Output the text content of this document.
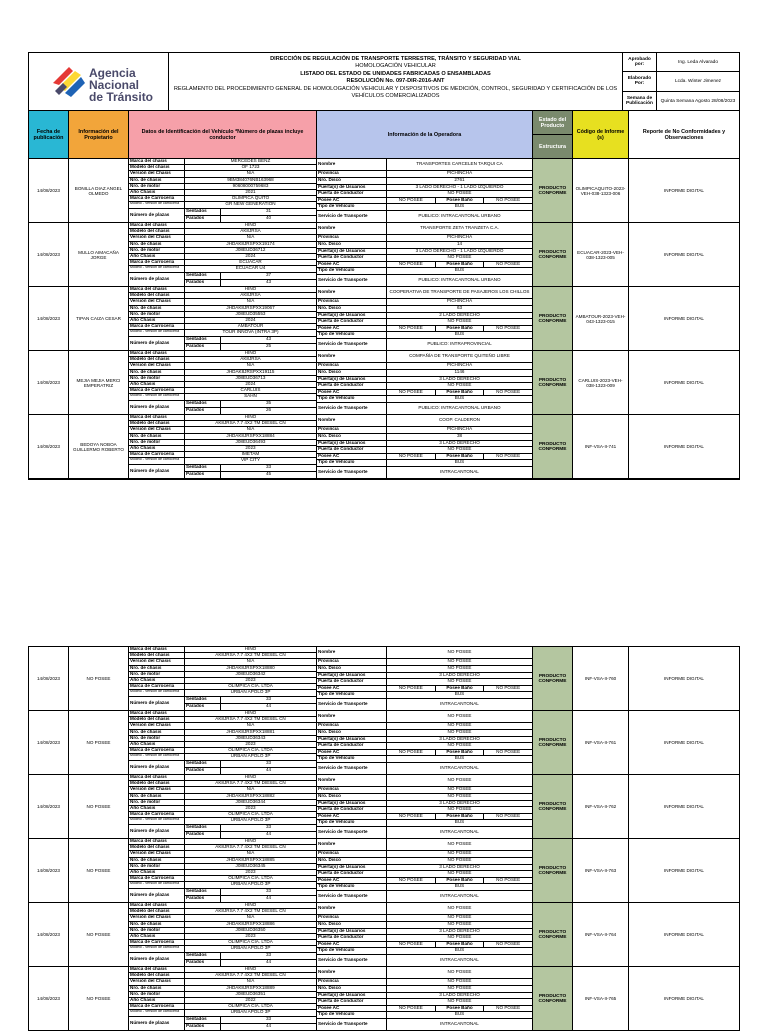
Agencia
Nacional
de Tránsito
DIRECCIÓN DE REGULACIÓN DE TRANSPORTE TERRESTRE, TRÁNSITO Y SEGURIDAD VIAL
HOMOLOGACIÓN VEHICULAR
LISTADO DEL ESTADO DE UNIDADES FABRICADAS O ENSAMBLADAS
RESOLUCIÓN No. 097-DIR-2016-ANT
REGLAMENTO DEL PROCEDIMIENTO GENERAL DE HOMOLOGACIÓN VEHICULAR Y DISPOSITIVOS DE MEDICIÓN, CONTROL, SEGURIDAD Y CERTIFICACIÓN DE LOS VEHÍCULOS COMERCIALIZADOS
Aprobado por:	Ing. Leda Alvarado
Elaborado Por:	Lcda. Winter Jimenez
Semana de Publicación	Quinta Semana Agosto 28/08/2023
Fecha de publicación
Información del Propietario
Datos de Identificación del Vehículo *Número de plazas incluye conductor	Información de la Operadora
Estado del Producto
Estructura
Código de Informe (s)
Reporte de No Conformidades y Observaciones
14/08/2023	BONILLA DIAZ ANGEL OLMEDO
Marca del chasis	MERCEDES BENZ
Modelo del chasis	OF 1723
Versión del Chasis	N/A
Nro. de chasis	9BM384076NB163968
Nro. de motor	90608000759683
Año Chasis	2021
Marca de Carrocería	OLIMPICA QUITO
Modelo - Versión de carrocería	GR NEW GENERATION
Número de plazas
Sentados	31
Parados	40
Nombre	TRANSPORTES CARCELEN TARQUI CA
Provincia	PICHINCHA
Nro. Disco	2761
Puerta(s) de Usuarios	3 LADO DERECHO - 1 LADO IZQUIERDO
Puerta de Conductor	NO POSEE
Posee AC	NO POSEE	Posee Baño	NO POSEE
Tipo de Vehículo	BUS
Servicio de Transporte	PUBLICO: INTRACANTONAL URBANO
PRODUCTO CONFORME
OLIMPICAQUITO-2023-VEH-038-1323-006	INFORME DIGITAL
14/08/2023	MULLO AIMACAÑA JORGE
Marca del chasis	HINO
Modelo del chasis	AK8JRSA
Versión del Chasis	N/A
Nro. de chasis	JHDAK8JRSPXX19174
Nro. de motor	J08EUD36712
Año Chasis	2024
Marca de Carrocería	ECUACAR
Modelo - Versión de carrocería	ECUACAR U4
Número de plazas
Sentados	37
Parados	43
Nombre	TRANSPORTE ZETA TRANZETA C.A.
Provincia	PICHINCHA
Nro. Disco	14
Puerta(s) de Usuarios	3 LADO DERECHO - 1 LADO IZQUIERDO
Puerta de Conductor	NO POSEE
Posee AC	NO POSEE	Posee Baño	NO POSEE
Tipo de Vehículo	BUS
Servicio de Transporte	PUBLICO: INTRACANTONAL URBANO
PRODUCTO CONFORME
ECUACAR-2023-VEH-038-1323-005	INFORME DIGITAL
14/08/2023	TIPAN CAIZA CESAR
Marca del chasis	HINO
Modelo del chasis	AK8JRSA
Versión del Chasis	N/A
Nro. de chasis	JHDAK8JRSPXX19067
Nro. de motor	J08EUD35553
Año Chasis	2024
Marca de Carrocería	AMBATOUR
Modelo - Versión de carrocería	TOUR INNOVA (INTRA 3P)
Número de plazas
Sentados	43
Parados	25
Nombre	COOPERATIVA DE TRANSPORTE DE PASAJEROS LOS CHILLOS
Provincia	PICHINCHA
Nro. Disco	63
Puerta(s) de Usuarios	2 LADO DERECHO
Puerta de Conductor	NO POSEE
Posee AC	NO POSEE	Posee Baño	NO POSEE
Tipo de Vehículo	BUS
Servicio de Transporte	PUBLICO: INTRAPROVINCIAL
PRODUCTO CONFORME
AMBATOUR-2023-VEH-043-1323-015	INFORME DIGITAL
14/08/2023	MEJIA MEJIA MERCI EMPERATRIZ
Marca del chasis	HINO
Modelo del chasis	AK8JRSA
Versión del Chasis	N/A
Nro. de chasis	JHDAK8JRSPXX19115
Nro. de motor	J08EUD36713
Año Chasis	2024
Marca de Carrocería	CARLUIS
Modelo - Versión de carrocería	SAHN
Número de plazas
Sentados	35
Parados	26
Nombre	COMPAÑÍA DE TRANSPORTE QUITEÑO LIBRE
Provincia	PICHINCHA
Nro. Disco	1146
Puerta(s) de Usuarios	3 LADO DERECHO
Puerta de Conductor	NO POSEE
Posee AC	NO POSEE	Posee Baño	NO POSEE
Tipo de Vehículo	BUS
Servicio de Transporte	PUBLICO: INTRACANTONAL URBANO
PRODUCTO CONFORME
CARLUIS-2023-VEH-038-1323-009	INFORME DIGITAL
14/08/2023	BEDOYA NOBOA GUILLERMO ROBERTO
Marca del chasis	HINO
Modelo del chasis	AK8JRSA 7.7 4X2 TM DIESEL CN
Versión del Chasis	N/A
Nro. de chasis	JHDAK8JRSPXX18884
Nro. de motor	J08EUD36493
Año Chasis	2023
Marca de Carrocería	IMETAM
Modelo - Versión de carrocería	VIP CITY
Número de plazas
Sentados	33
Parados	45
Nombre	COOP. CALDERON
Provincia	PICHINCHA
Nro. Disco	38
Puerta(s) de Usuarios	3 LADO DERECHO
Puerta de Conductor	NO POSEE
Posee AC	NO POSEE	Posee Baño	NO POSEE
Tipo de Vehículo	BUS
Servicio de Transporte	INTRACANTONAL
PRODUCTO CONFORME	INF-VSA-II-741	INFORME DIGITAL
14/08/2023	NO POSEE
Marca del chasis	HINO
Modelo del chasis	AK8JRSA 7.7 4X2 TM DIESEL CN
Versión del Chasis	N/A
Nro. de chasis	JHDAK8JRSPXX18880
Nro. de motor	J08EUD36342
Año Chasis	2023
Marca de Carrocería	OLIMPICA CIA. LTDA
Modelo - Versión de carrocería	URBAN APOLO 3P
Número de plazas
Sentados	33
Parados	44
Nombre	NO POSEE
Provincia	NO POSEE
Nro. Disco	NO POSEE
Puerta(s) de Usuarios	3 LADO DERECHO
Puerta de Conductor	NO POSEE
Posee AC	NO POSEE	Posee Baño	NO POSEE
Tipo de Vehículo	BUS
Servicio de Transporte	INTRACANTONAL
PRODUCTO CONFORME	INF-VSA-II-760	INFORME DIGITAL
14/08/2023	NO POSEE
Marca del chasis	HINO
Modelo del chasis	AK8JRSA 7.7 4X2 TM DIESEL CN
Versión del Chasis	N/A
Nro. de chasis	JHDAK8JRSPXX18881
Nro. de motor	J08EUD36343
Año Chasis	2023
Marca de Carrocería	OLIMPICA CIA. LTDA
Modelo - Versión de carrocería	URBAN APOLO 3P
Número de plazas
Sentados	33
Parados	44
Nombre	NO POSEE
Provincia	NO POSEE
Nro. Disco	NO POSEE
Puerta(s) de Usuarios	3 LADO DERECHO
Puerta de Conductor	NO POSEE
Posee AC	NO POSEE	Posee Baño	NO POSEE
Tipo de Vehículo	BUS
Servicio de Transporte	INTRACANTONAL
PRODUCTO CONFORME	INF-VSA-II-761	INFORME DIGITAL
14/08/2023	NO POSEE
Marca del chasis	HINO
Modelo del chasis	AK8JRSA 7.7 4X2 TM DIESEL CN
Versión del Chasis	N/A
Nro. de chasis	JHDAK8JRSPXX18882
Nro. de motor	J08EUD36344
Año Chasis	2023
Marca de Carrocería	OLIMPICA CIA. LTDA
Modelo - Versión de carrocería	URBAN APOLO 3P
Número de plazas
Sentados	33
Parados	44
Nombre	NO POSEE
Provincia	NO POSEE
Nro. Disco	NO POSEE
Puerta(s) de Usuarios	3 LADO DERECHO
Puerta de Conductor	NO POSEE
Posee AC	NO POSEE	Posee Baño	NO POSEE
Tipo de Vehículo	BUS
Servicio de Transporte	INTRACANTONAL
PRODUCTO CONFORME	INF-VSA-II-762	INFORME DIGITAL
14/08/2023	NO POSEE
Marca del chasis	HINO
Modelo del chasis	AK8JRSA 7.7 4X2 TM DIESEL CN
Versión del Chasis	N/A
Nro. de chasis	JHDAK8JRSPXX18885
Nro. de motor	J08EUD36345
Año Chasis	2023
Marca de Carrocería	OLIMPICA CIA. LTDA
Modelo - Versión de carrocería	URBAN APOLO 3P
Número de plazas
Sentados	33
Parados	44
Nombre	NO POSEE
Provincia	NO POSEE
Nro. Disco	NO POSEE
Puerta(s) de Usuarios	3 LADO DERECHO
Puerta de Conductor	NO POSEE
Posee AC	NO POSEE	Posee Baño	NO POSEE
Tipo de Vehículo	BUS
Servicio de Transporte	INTRACANTONAL
PRODUCTO CONFORME	INF-VSA-II-763	INFORME DIGITAL
14/08/2023	NO POSEE
Marca del chasis	HINO
Modelo del chasis	AK8JRSA 7.7 4X2 TM DIESEL CN
Versión del Chasis	N/A
Nro. de chasis	JHDAK8JRSPXX18886
Nro. de motor	J08EUD36350
Año Chasis	2023
Marca de Carrocería	OLIMPICA CIA. LTDA
Modelo - Versión de carrocería	URBAN APOLO 3P
Número de plazas
Sentados	33
Parados	44
Nombre	NO POSEE
Provincia	NO POSEE
Nro. Disco	NO POSEE
Puerta(s) de Usuarios	3 LADO DERECHO
Puerta de Conductor	NO POSEE
Posee AC	NO POSEE	Posee Baño	NO POSEE
Tipo de Vehículo	BUS
Servicio de Transporte	INTRACANTONAL
PRODUCTO CONFORME	INF-VSA-II-764	INFORME DIGITAL
14/08/2023	NO POSEE
Marca del chasis	HINO
Modelo del chasis	AK8JRSA 7.7 4X2 TM DIESEL CN
Versión del Chasis	N/A
Nro. de chasis	JHDAK8JRSPXX18889
Nro. de motor	J08EUD36351
Año Chasis	2022
Marca de Carrocería	OLIMPICA CIA. LTDA
Modelo - Versión de carrocería	URBAN APOLO 3P
Número de plazas
Sentados	33
Parados	44
Nombre	NO POSEE
Provincia	NO POSEE
Nro. Disco	NO POSEE
Puerta(s) de Usuarios	3 LADO DERECHO
Puerta de Conductor	NO POSEE
Posee AC	NO POSEE	Posee Baño	NO POSEE
Tipo de Vehículo	BUS
Servicio de Transporte	INTRACANTONAL
PRODUCTO CONFORME	INF-VSA-II-765	INFORME DIGITAL
